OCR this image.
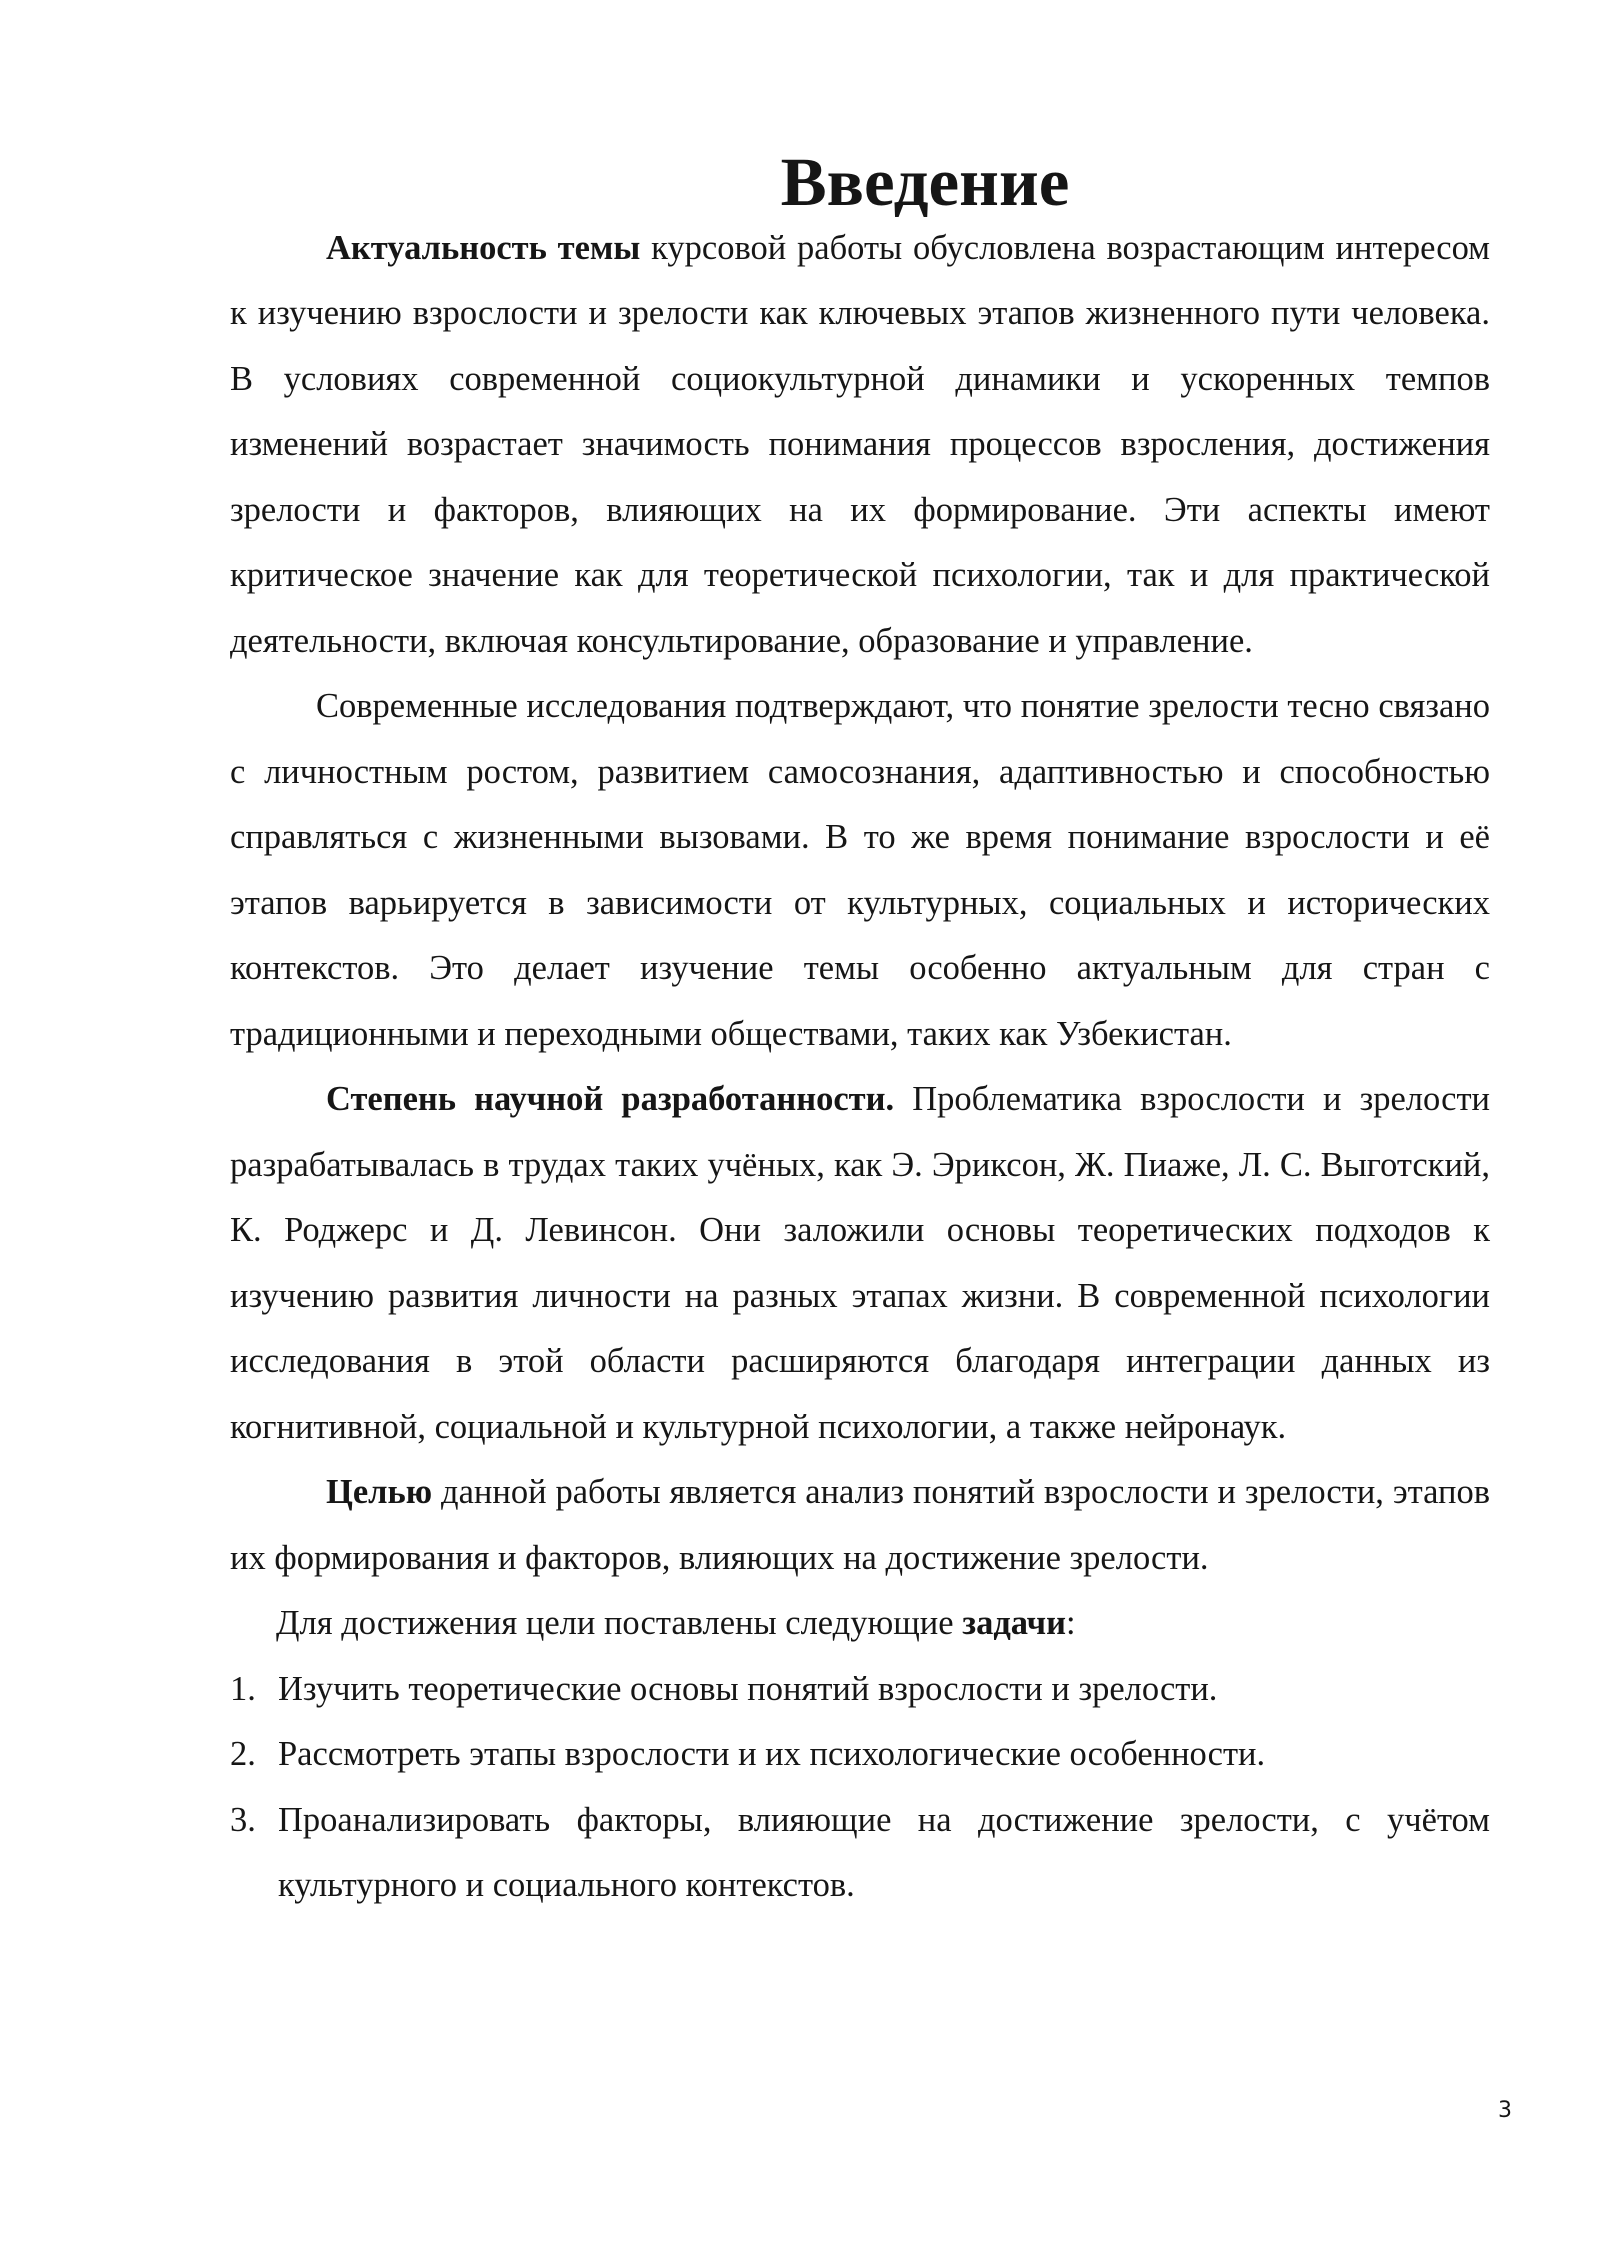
Введение

Актуальность темы курсовой работы обусловлена возрастающим интересом к изучению взрослости и зрелости как ключевых этапов жизненного пути человека. В условиях современной социокультурной динамики и ускоренных темпов изменений возрастает значимость понимания процессов взросления, достижения зрелости и факторов, влияющих на их формирование. Эти аспекты имеют критическое значение как для теоретической психологии, так и для практической деятельности, включая консультирование, образование и управление.

Современные исследования подтверждают, что понятие зрелости тесно связано с личностным ростом, развитием самосознания, адаптивностью и способностью справляться с жизненными вызовами. В то же время понимание взрослости и её этапов варьируется в зависимости от культурных, социальных и исторических контекстов. Это делает изучение темы особенно актуальным для стран с традиционными и переходными обществами, таких как Узбекистан.

Степень научной разработанности. Проблематика взрослости и зрелости разрабатывалась в трудах таких учёных, как Э. Эриксон, Ж. Пиаже, Л. С. Выготский, К. Роджерс и Д. Левинсон. Они заложили основы теоретических подходов к изучению развития личности на разных этапах жизни. В современной психологии исследования в этой области расширяются благодаря интеграции данных из когнитивной, социальной и культурной психологии, а также нейронаук.

Целью данной работы является анализ понятий взрослости и зрелости, этапов их формирования и факторов, влияющих на достижение зрелости.

Для достижения цели поставлены следующие задачи:

1. Изучить теоретические основы понятий взрослости и зрелости.
2. Рассмотреть этапы взрослости и их психологические особенности.
3. Проанализировать факторы, влияющие на достижение зрелости, с учётом культурного и социального контекстов.
3
